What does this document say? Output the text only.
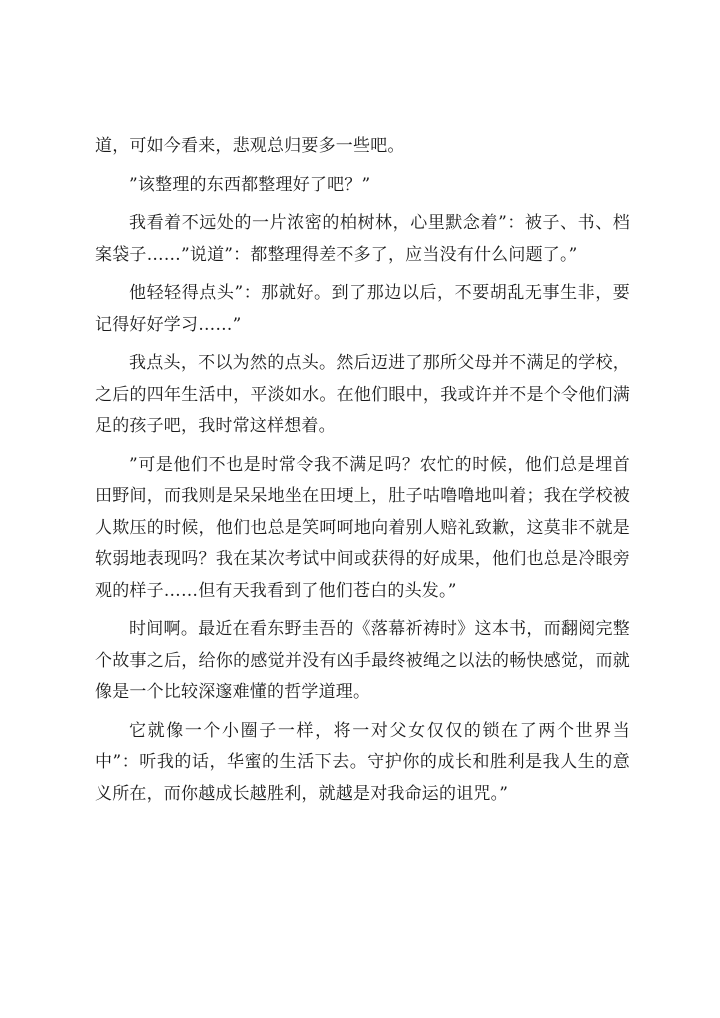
道，可如今看来，悲观总归要多一些吧。

”该整理的东西都整理好了吧？”

我看着不远处的一片浓密的柏树林，心里默念着”：被子、书、档案袋子……”说道”：都整理得差不多了，应当没有什么问题了。”

他轻轻得点头”：那就好。到了那边以后，不要胡乱无事生非，要记得好好学习……”

我点头，不以为然的点头。然后迈进了那所父母并不满足的学校，之后的四年生活中，平淡如水。在他们眼中，我或许并不是个令他们满足的孩子吧，我时常这样想着。

”可是他们不也是时常令我不满足吗？农忙的时候，他们总是埋首田野间，而我则是呆呆地坐在田埂上，肚子咕噜噜地叫着；我在学校被人欺压的时候，他们也总是笑呵呵地向着别人赔礼致歉，这莫非不就是软弱地表现吗？我在某次考试中间或获得的好成果，他们也总是冷眼旁观的样子……但有天我看到了他们苍白的头发。”

时间啊。最近在看东野圭吾的《落幕祈祷时》这本书，而翻阅完整个故事之后，给你的感觉并没有凶手最终被绳之以法的畅快感觉，而就像是一个比较深邃难懂的哲学道理。

它就像一个小圈子一样，将一对父女仅仅的锁在了两个世界当中”：听我的话，华蜜的生活下去。守护你的成长和胜利是我人生的意义所在，而你越成长越胜利，就越是对我命运的诅咒。”
